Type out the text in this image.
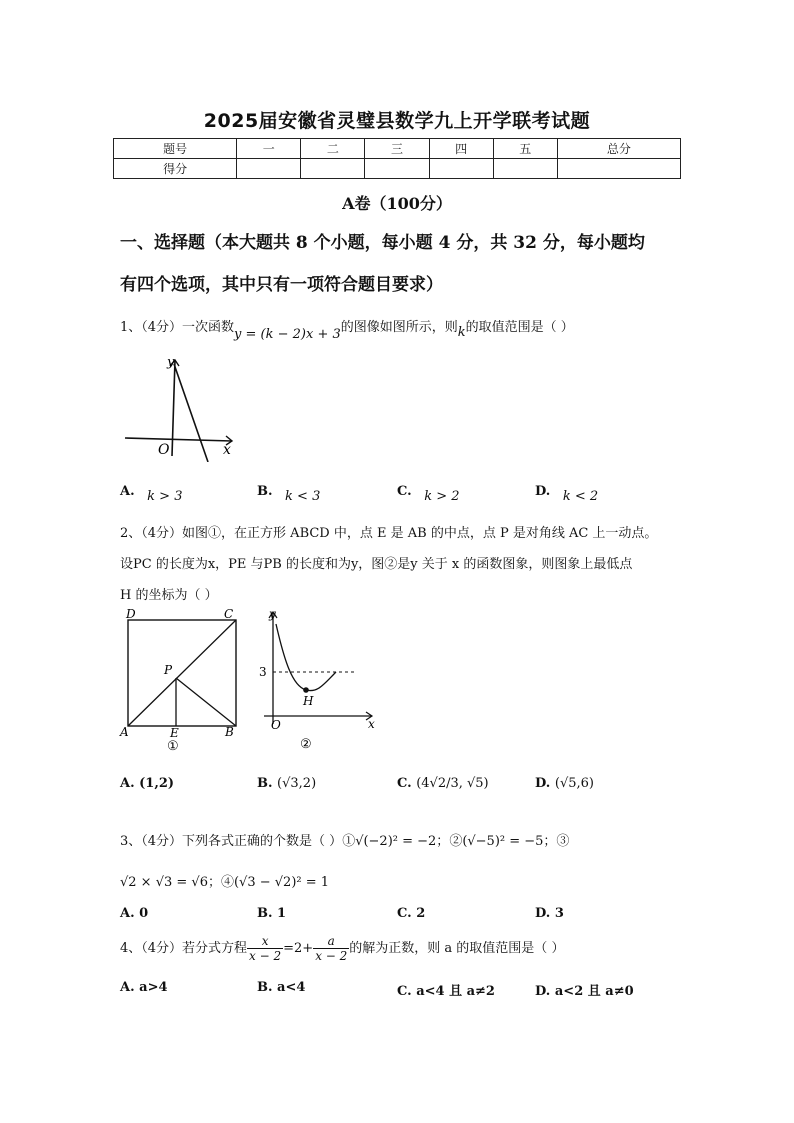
2025届安徽省灵璧县数学九上开学联考试题
题号	一	二	三	四	五	总分
得分						
A卷（100分）
一、选择题（本大题共 8 个小题，每小题 4 分，共 32 分，每小题均
有四个选项，其中只有一项符合题目要求）
1、（4分）一次函数y = (k − 2)x + 3的图像如图所示，则k的取值范围是（ ）
y
O	x
A. k > 3	B. k < 3	C. k > 2	D. k < 2
2、（4分）如图①，在正方形 ABCD 中，点 E 是 AB 的中点，点 P 是对角线 AC 上一动点。
设PC 的长度为x，PE 与PB 的长度和为y，图②是y 关于 x 的函数图象，则图象上最低点
H 的坐标为（ ）
D	C
P
A	E	B
①
y
3
H
O	x
②
A. (1,2)	B. (√3,2)	C. (4√2/3, √5)	D. (√5,6)
3、（4分）下列各式正确的个数是（ ）①√(−2)² = −2；②(√−5)² = −5；③
√2 × √3 = √6；④(√3 − √2)² = 1
A. 0	B. 1	C. 2	D. 3
4、（4分）若分式方程 $\frac{x}{x - 2} =2+ \frac{a}{x - 2}$ 的解为正数，则 a 的取值范围是（ ）
A. a>4	B. a<4	C. a<4 且 a≠2	D. a<2 且 a≠0
